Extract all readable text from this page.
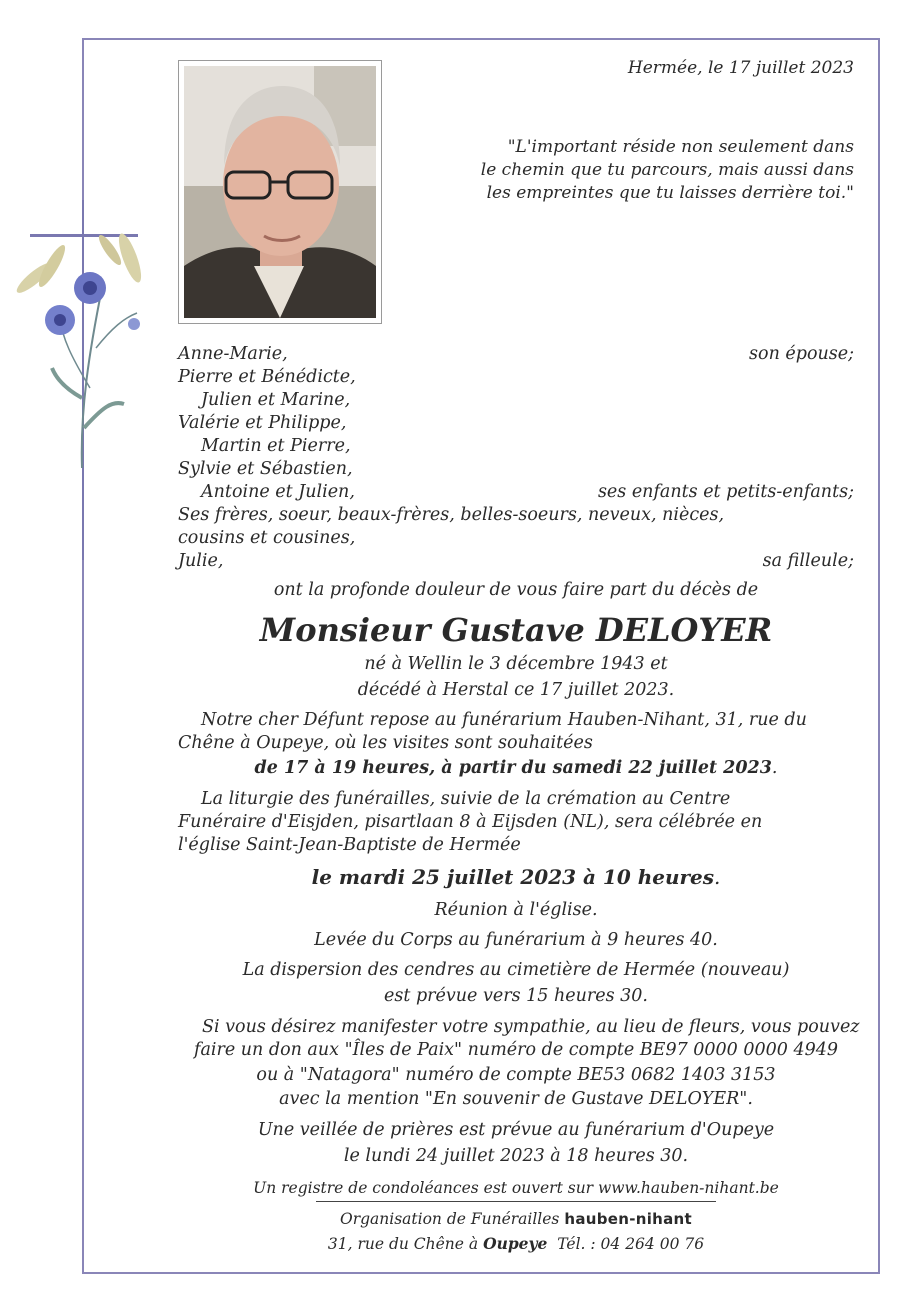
Hermée, le 17 juillet 2023
"L'important réside non seulement dans
le chemin que tu parcours, mais aussi dans
les empreintes que tu laisses derrière toi."
Anne-Marie,	son épouse;
Pierre et Bénédicte,
Julien et Marine,
Valérie et Philippe,
Martin et Pierre,
Sylvie et Sébastien,
Antoine et Julien,	ses enfants et petits-enfants;
Ses frères, soeur, beaux-frères, belles-soeurs, neveux, nièces, cousins et cousines,
Julie,	sa filleule;
ont la profonde douleur de vous faire part du décès de
Monsieur Gustave DELOYER
né à Wellin le 3 décembre 1943 et
décédé à Herstal ce 17 juillet 2023.
Notre cher Défunt repose au funérarium Hauben-Nihant, 31, rue du Chêne à Oupeye, où les visites sont souhaitées
de 17 à 19 heures, à partir du samedi 22 juillet 2023.
La liturgie des funérailles, suivie de la crémation au Centre Funéraire d'Eisjden, pisartlaan 8 à Eijsden (NL), sera célébrée en l'église Saint-Jean-Baptiste de Hermée
le mardi 25 juillet 2023 à 10 heures.
Réunion à l'église.
Levée du Corps au funérarium à 9 heures 40.
La dispersion des cendres au cimetière de Hermée (nouveau)
est prévue vers 15 heures 30.
Si vous désirez manifester votre sympathie, au lieu de fleurs, vous pouvez
faire un don aux "Îles de Paix" numéro de compte BE97 0000 0000 4949
ou à "Natagora" numéro de compte BE53 0682 1403 3153
avec la mention "En souvenir de Gustave DELOYER".
Une veillée de prières est prévue au funérarium d'Oupeye
le lundi 24 juillet 2023 à 18 heures 30.
Un registre de condoléances est ouvert sur www.hauben-nihant.be
Organisation de Funérailles hauben-nihant
31, rue du Chêne à Oupeye Tél. : 04 264 00 76
